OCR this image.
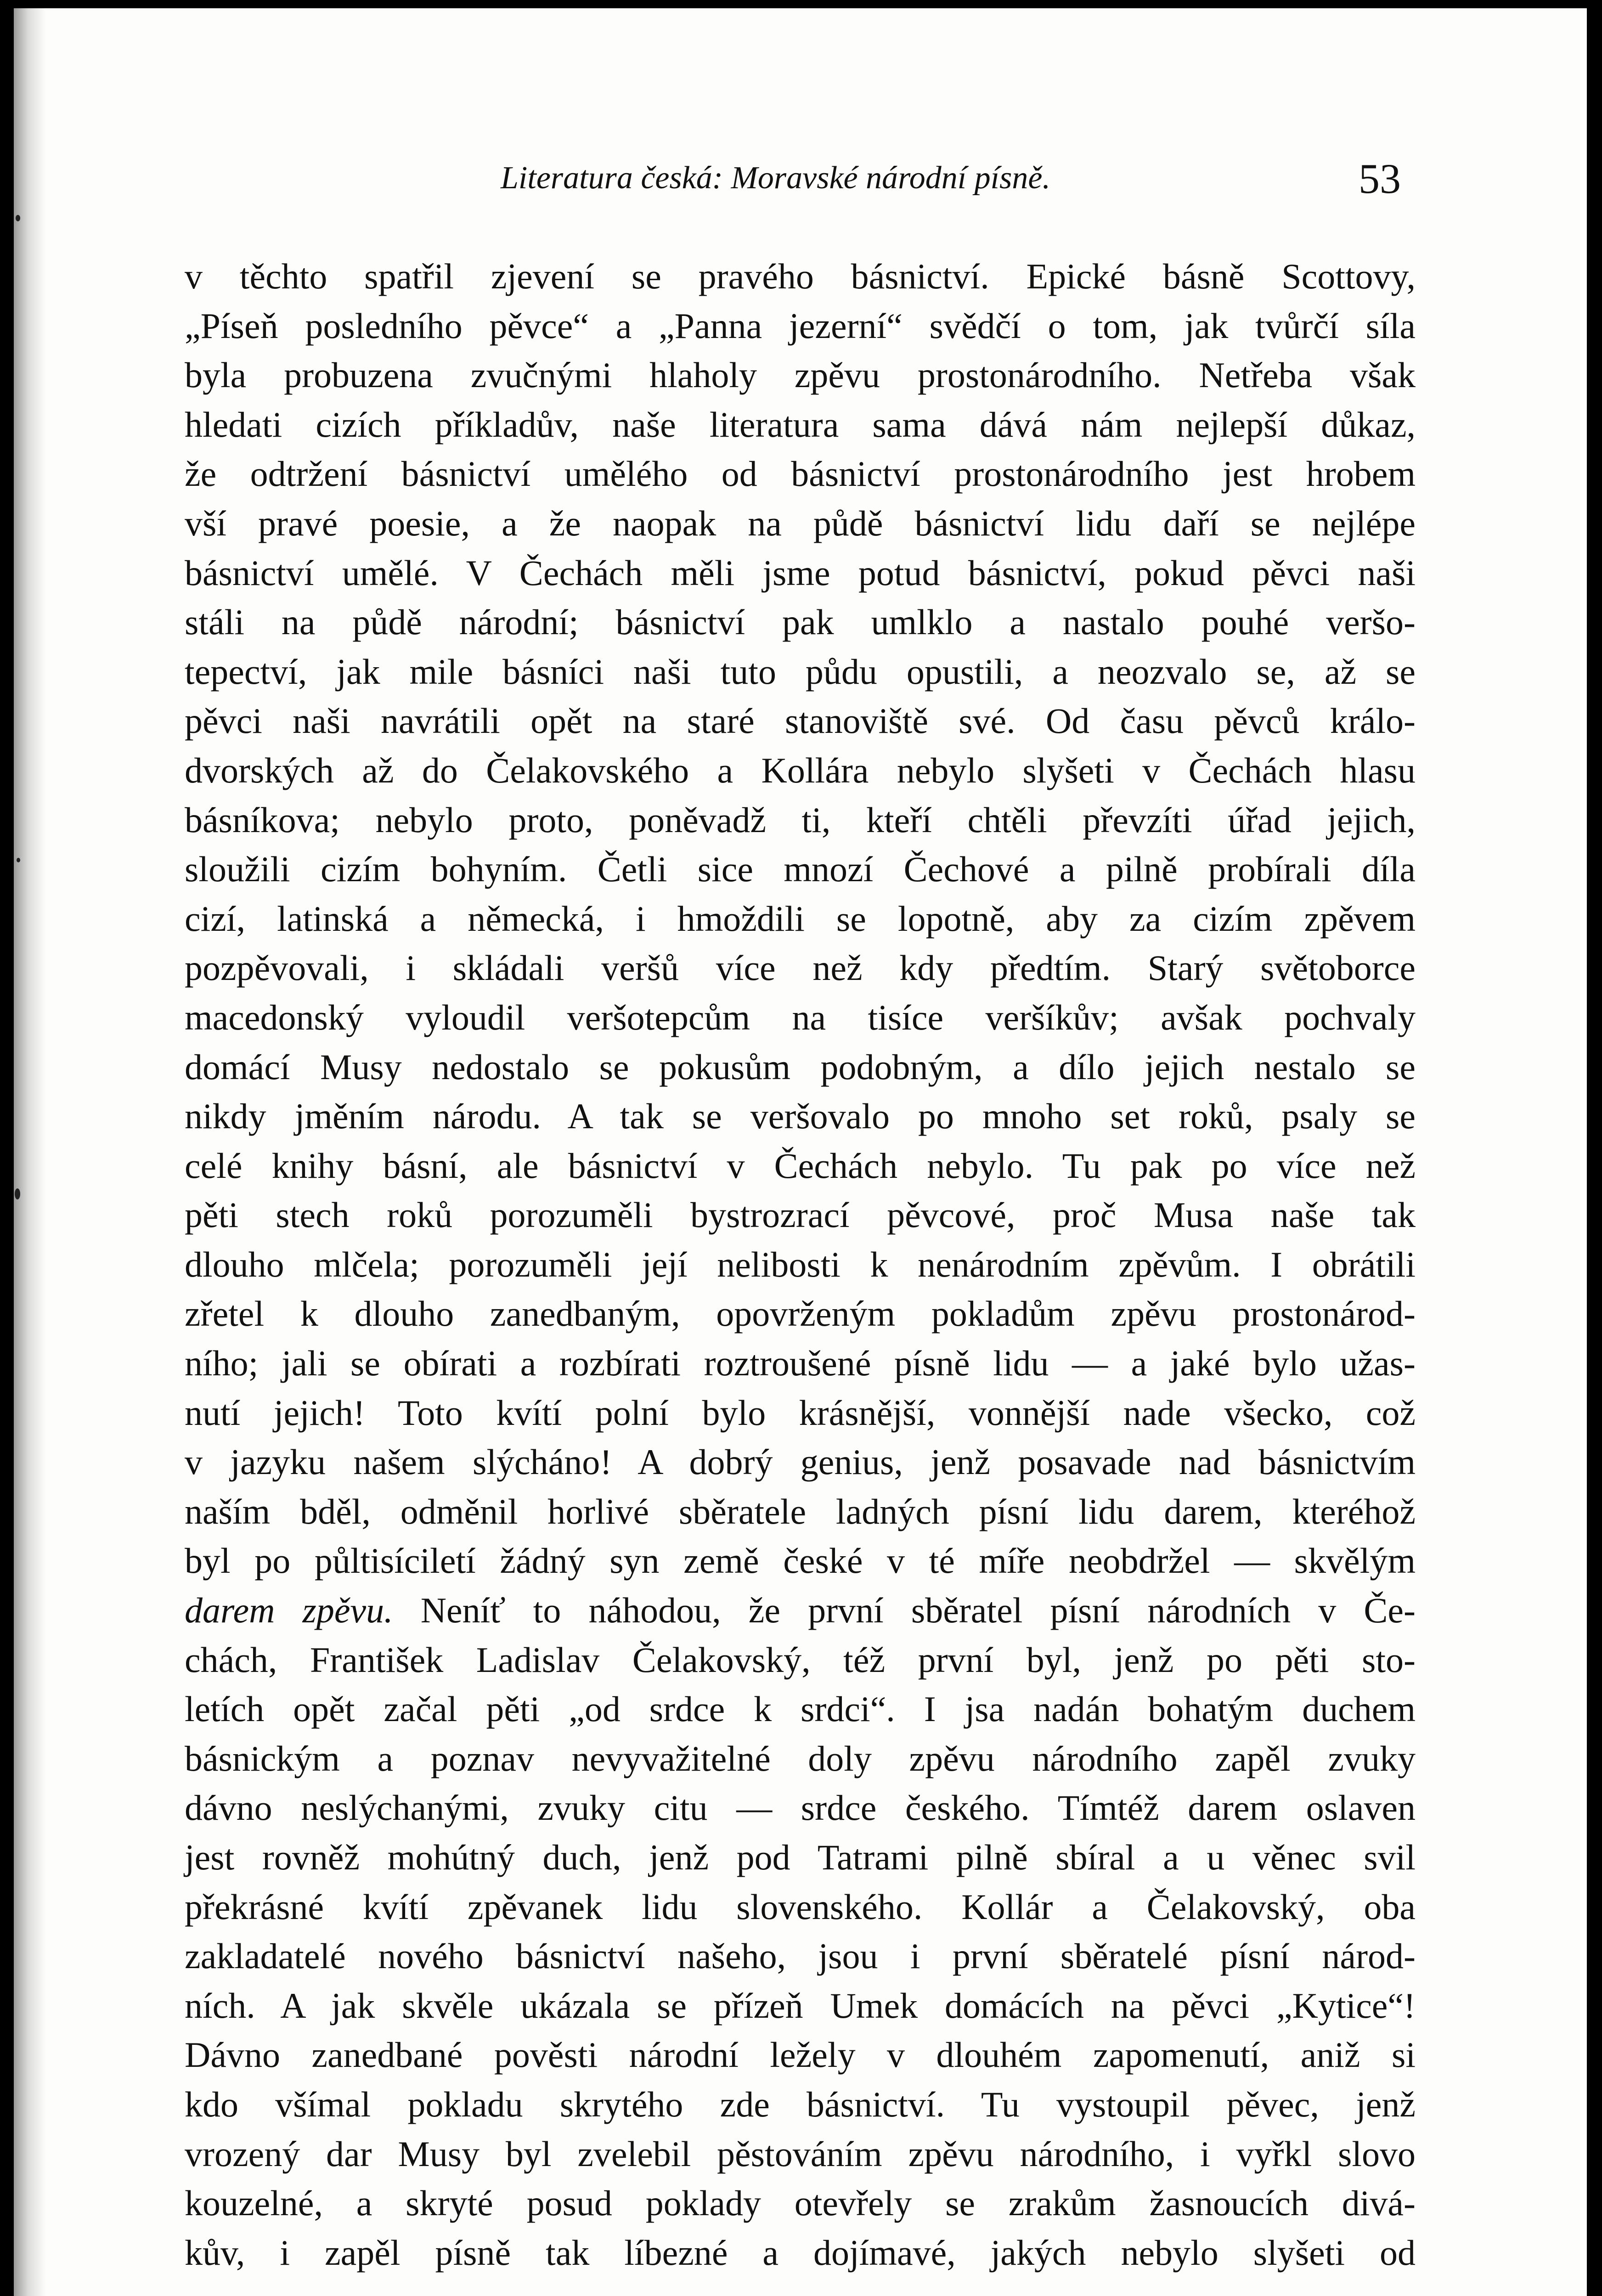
Literatura česká: Moravské národní písně.	53
v těchto spatřil zjevení se pravého básnictví. Epické básně Scottovy,
„Píseň posledního pěvce“ a „Panna jezerní“ svědčí o tom, jak tvůrčí síla
byla probuzena zvučnými hlaholy zpěvu prostonárodního. Netřeba však
hledati cizích příkladův, naše literatura sama dává nám nejlepší důkaz,
že odtržení básnictví umělého od básnictví prostonárodního jest hrobem
vší pravé poesie, a že naopak na půdě básnictví lidu daří se nejlépe
básnictví umělé. V Čechách měli jsme potud básnictví, pokud pěvci naši
stáli na půdě národní; básnictví pak umlklo a nastalo pouhé veršo-
tepectví, jak mile básníci naši tuto půdu opustili, a neozvalo se, až se
pěvci naši navrátili opět na staré stanoviště své. Od času pěvců králo-
dvorských až do Čelakovského a Kollára nebylo slyšeti v Čechách hlasu
básníkova; nebylo proto, poněvadž ti, kteří chtěli převzíti úřad jejich,
sloužili cizím bohyním. Četli sice mnozí Čechové a pilně probírali díla
cizí, latinská a německá, i hmoždili se lopotně, aby za cizím zpěvem
pozpěvovali, i skládali veršů více než kdy předtím. Starý světoborce
macedonský vyloudil veršotepcům na tisíce veršíkův; avšak pochvaly
domácí Musy nedostalo se pokusům podobným, a dílo jejich nestalo se
nikdy jměním národu. A tak se veršovalo po mnoho set roků, psaly se
celé knihy básní, ale básnictví v Čechách nebylo. Tu pak po více než
pěti stech roků porozuměli bystrozrací pěvcové, proč Musa naše tak
dlouho mlčela; porozuměli její nelibosti k nenárodním zpěvům. I obrátili
zřetel k dlouho zanedbaným, opovrženým pokladům zpěvu prostonárod-
ního; jali se obírati a rozbírati roztroušené písně lidu — a jaké bylo užas-
nutí jejich! Toto kvítí polní bylo krásnější, vonnější nade všecko, což
v jazyku našem slýcháno! A dobrý genius, jenž posavade nad básnictvím
naším bděl, odměnil horlivé sběratele ladných písní lidu darem, kteréhož
byl po půltisíciletí žádný syn země české v té míře neobdržel — skvělým
darem zpěvu. Neníť to náhodou, že první sběratel písní národních v Če-
chách, František Ladislav Čelakovský, též první byl, jenž po pěti sto-
letích opět začal pěti „od srdce k srdci“. I jsa nadán bohatým duchem
básnickým a poznav nevyvažitelné doly zpěvu národního zapěl zvuky
dávno neslýchanými, zvuky citu — srdce českého. Tímtéž darem oslaven
jest rovněž mohútný duch, jenž pod Tatrami pilně sbíral a u věnec svil
překrásné kvítí zpěvanek lidu slovenského. Kollár a Čelakovský, oba
zakladatelé nového básnictví našeho, jsou i první sběratelé písní národ-
ních. A jak skvěle ukázala se přízeň Umek domácích na pěvci „Kytice“!
Dávno zanedbané pověsti národní ležely v dlouhém zapomenutí, aniž si
kdo všímal pokladu skrytého zde básnictví. Tu vystoupil pěvec, jenž
vrozený dar Musy byl zvelebil pěstováním zpěvu národního, i vyřkl slovo
kouzelné, a skryté posud poklady otevřely se zrakům žasnoucích divá-
kův, i zapěl písně tak líbezné a dojímavé, jakých nebylo slyšeti od
